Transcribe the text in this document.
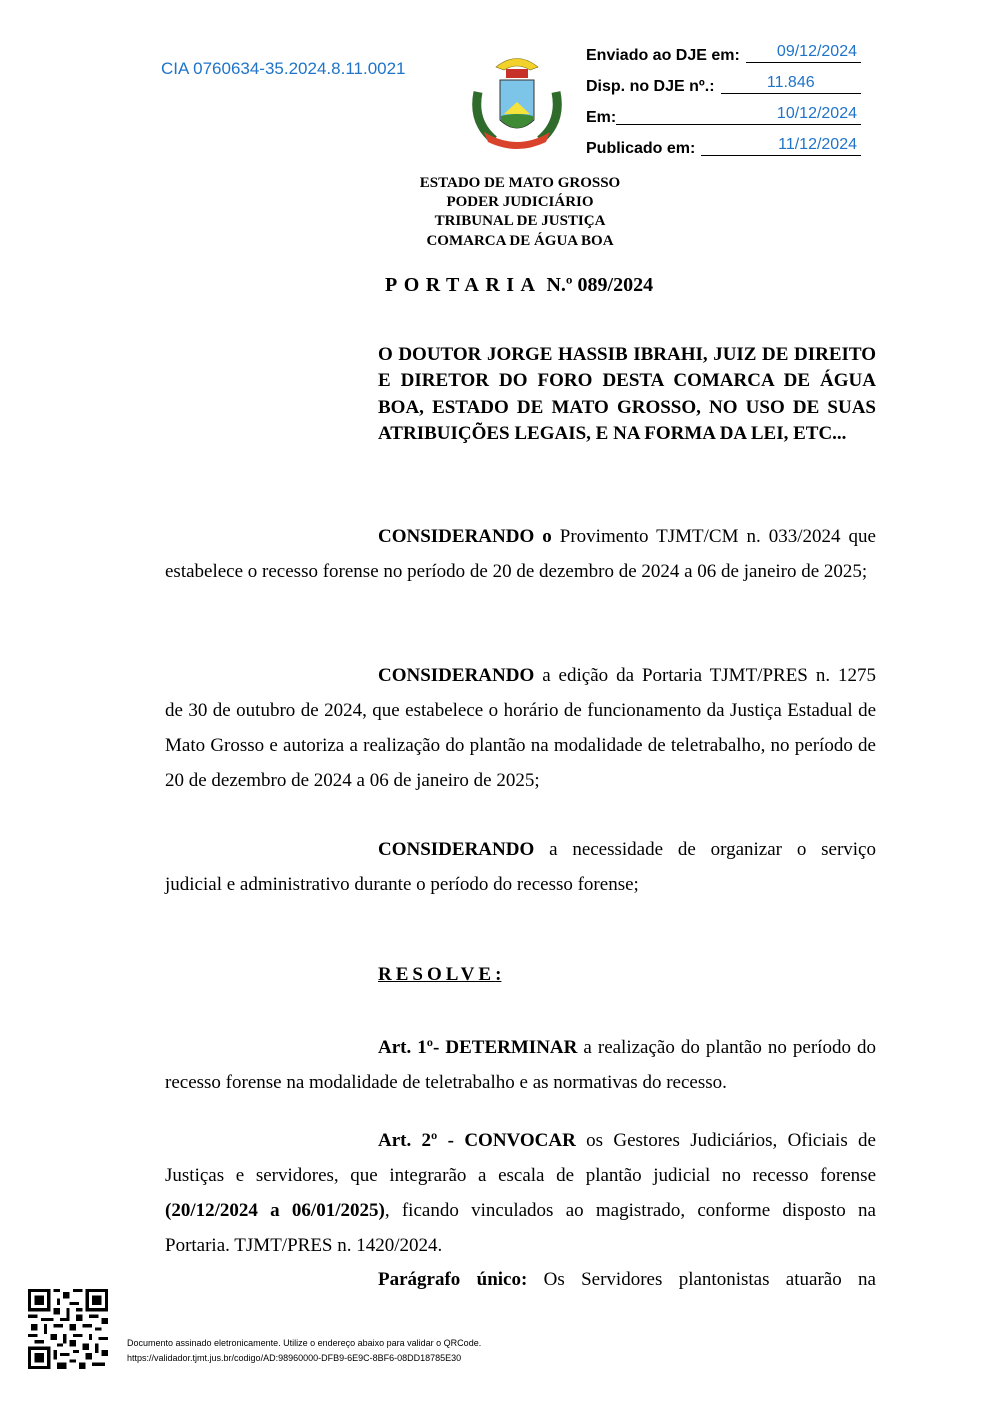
CIA 0760634-35.2024.8.11.0021
Enviado ao DJE em: 09/12/2024
Disp. no DJE nº.:	11.846
Em:	10/12/2024
Publicado em:	11/12/2024
ESTADO DE MATO GROSSO
PODER JUDICIÁRIO
TRIBUNAL DE JUSTIÇA
COMARCA DE ÁGUA BOA
PORTARIA N.º 089/2024
O DOUTOR JORGE HASSIB IBRAHI, JUIZ DE DIREITO E DIRETOR DO FORO DESTA COMARCA DE ÁGUA BOA, ESTADO DE MATO GROSSO, NO USO DE SUAS ATRIBUIÇÕES LEGAIS, E NA FORMA DA LEI, ETC...
CONSIDERANDO o Provimento TJMT/CM n. 033/2024 que estabelece o recesso forense no período de 20 de dezembro de 2024 a 06 de janeiro de 2025;
CONSIDERANDO a edição da Portaria TJMT/PRES n. 1275 de 30 de outubro de 2024, que estabelece o horário de funcionamento da Justiça Estadual de Mato Grosso e autoriza a realização do plantão na modalidade de teletrabalho, no período de 20 de dezembro de 2024 a 06 de janeiro de 2025;
CONSIDERANDO a necessidade de organizar o serviço judicial e administrativo durante o período do recesso forense;
RESOLVE:
Art. 1º- DETERMINAR a realização do plantão no período do recesso forense na modalidade de teletrabalho e as normativas do recesso.
Art. 2º - CONVOCAR os Gestores Judiciários, Oficiais de Justiças e servidores, que integrarão a escala de plantão judicial no recesso forense (20/12/2024 a 06/01/2025), ficando vinculados ao magistrado, conforme disposto na Portaria. TJMT/PRES n. 1420/2024.
Parágrafo único: Os Servidores plantonistas atuarão na
Documento assinado eletronicamente. Utilize o endereço abaixo para validar o QRCode.
https://validador.tjmt.jus.br/codigo/AD:98960000-DFB9-6E9C-8BF6-08DD18785E30
